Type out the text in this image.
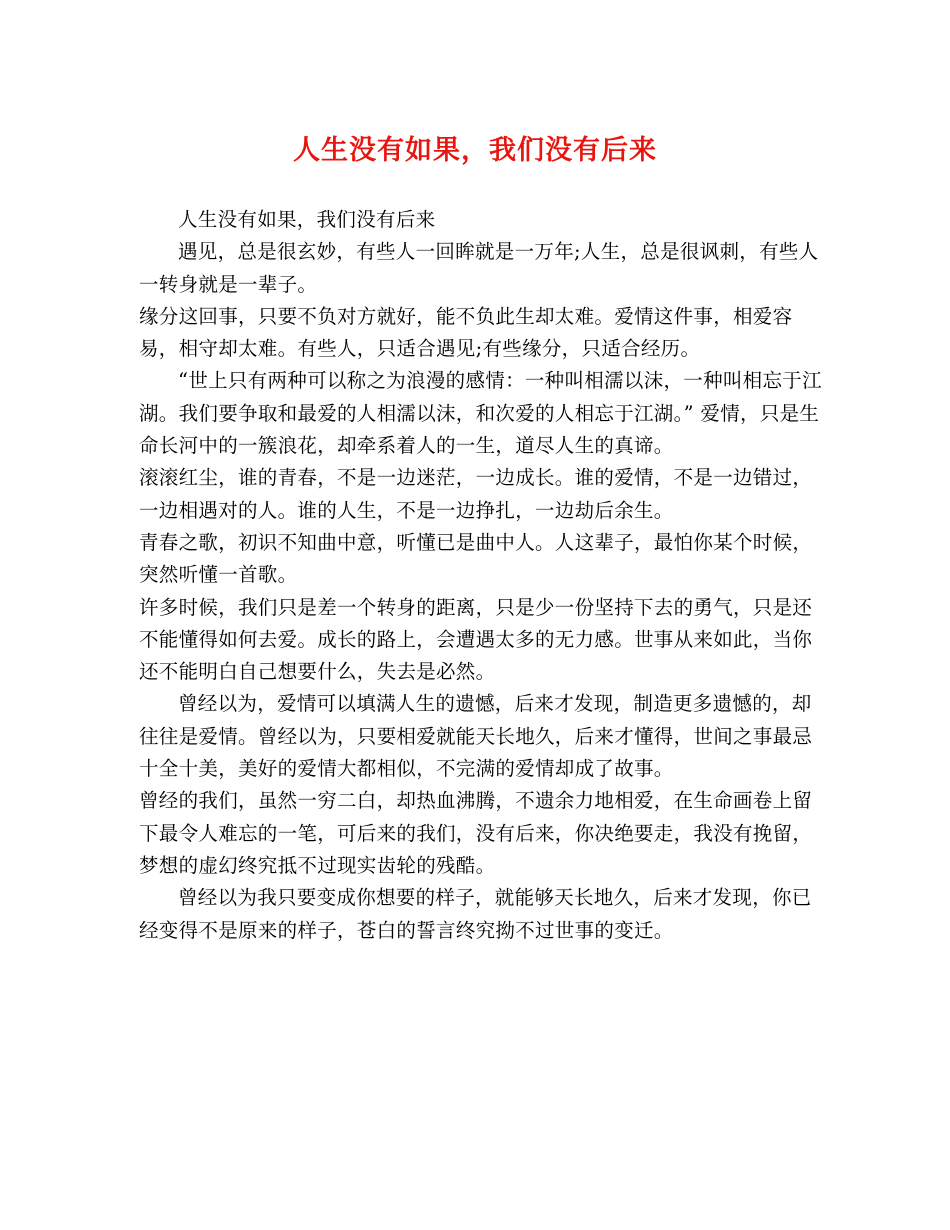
人生没有如果，我们没有后来

人生没有如果，我们没有后来

遇见，总是很玄妙，有些人一回眸就是一万年;人生，总是很讽刺，有些人一转身就是一辈子。

缘分这回事，只要不负对方就好，能不负此生却太难。爱情这件事，相爱容易，相守却太难。有些人，只适合遇见;有些缘分，只适合经历。

“世上只有两种可以称之为浪漫的感情：一种叫相濡以沫，一种叫相忘于江湖。我们要争取和最爱的人相濡以沫，和次爱的人相忘于江湖。” 爱情，只是生命长河中的一簇浪花，却牵系着人的一生，道尽人生的真谛。

滚滚红尘，谁的青春，不是一边迷茫，一边成长。谁的爱情，不是一边错过，一边相遇对的人。谁的人生，不是一边挣扎，一边劫后余生。

青春之歌，初识不知曲中意，听懂已是曲中人。人这辈子，最怕你某个时候，突然听懂一首歌。

许多时候，我们只是差一个转身的距离，只是少一份坚持下去的勇气，只是还不能懂得如何去爱。成长的路上，会遭遇太多的无力感。世事从来如此，当你还不能明白自己想要什么，失去是必然。

曾经以为，爱情可以填满人生的遗憾，后来才发现，制造更多遗憾的，却往往是爱情。曾经以为，只要相爱就能天长地久，后来才懂得，世间之事最忌十全十美，美好的爱情大都相似，不完满的爱情却成了故事。

曾经的我们，虽然一穷二白，却热血沸腾，不遗余力地相爱，在生命画卷上留下最令人难忘的一笔，可后来的我们，没有后来，你决绝要走，我没有挽留，梦想的虚幻终究抵不过现实齿轮的残酷。

曾经以为我只要变成你想要的样子，就能够天长地久，后来才发现，你已经变得不是原来的样子，苍白的誓言终究拗不过世事的变迁。
